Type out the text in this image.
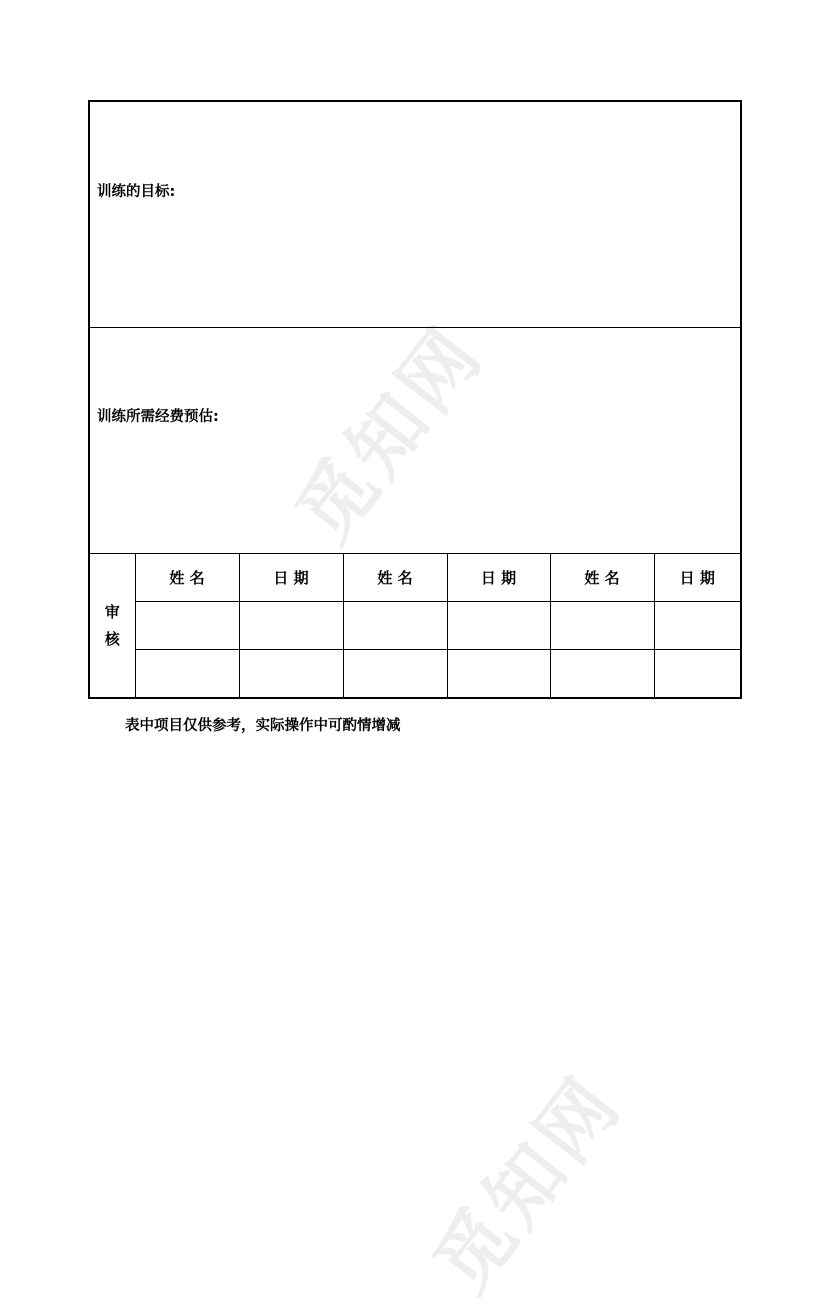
觅知网
觅知网
训练的目标:
训练所需经费预估:
审
核	姓 名	日 期	姓 名	日 期	姓 名	日 期

表中项目仅供参考，实际操作中可酌情增减
